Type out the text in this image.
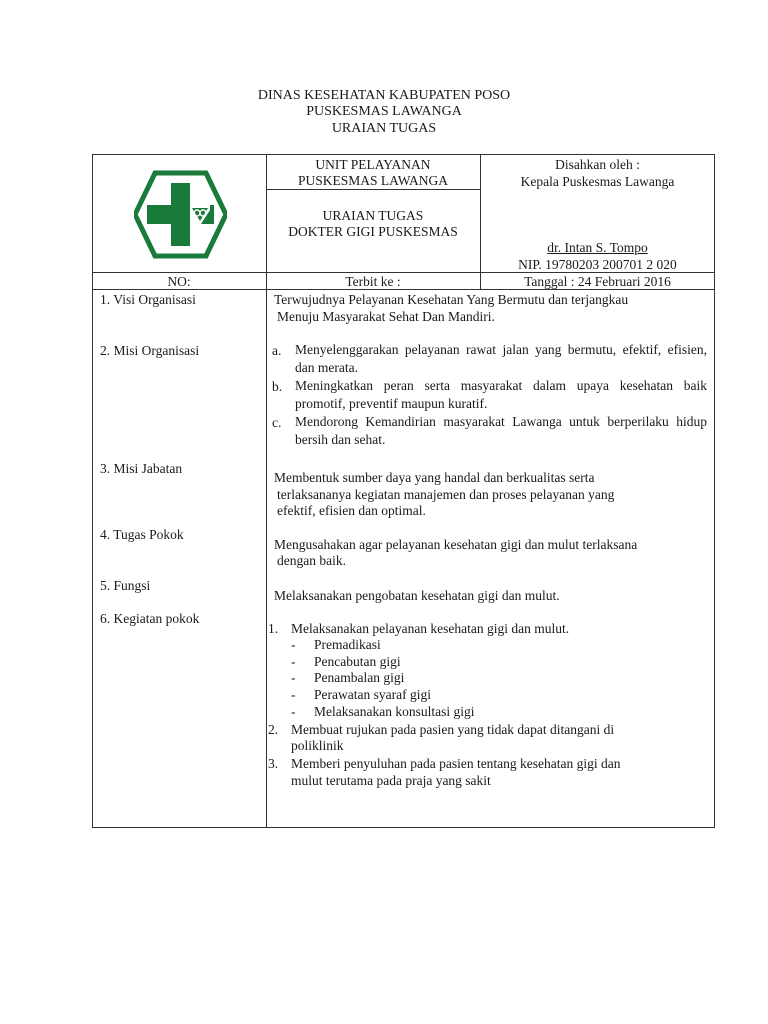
DINAS KESEHATAN KABUPATEN POSO
PUSKESMAS LAWANGA
URAIAN TUGAS
UNIT PELAYANAN
PUSKESMAS LAWANGA
URAIAN TUGAS
DOKTER GIGI PUSKESMAS
Disahkan oleh :
Kepala Puskesmas Lawanga
dr. Intan S. Tompo
NIP. 19780203 200701 2 020
NO:	Terbit ke :	Tanggal : 24 Februari 2016
1. Visi Organisasi
2. Misi Organisasi
3. Misi Jabatan
4. Tugas Pokok
5. Fungsi
6. Kegiatan pokok
Terwujudnya Pelayanan Kesehatan Yang Bermutu dan terjangkau
Menuju Masyarakat Sehat Dan Mandiri.
a. Menyelenggarakan pelayanan rawat jalan yang bermutu, efektif, efisien, dan merata.
b. Meningkatkan peran serta masyarakat dalam upaya kesehatan baik promotif, preventif maupun kuratif.
c. Mendorong Kemandirian masyarakat Lawanga untuk berperilaku hidup bersih dan sehat.
Membentuk sumber daya yang handal dan berkualitas serta
terlaksananya kegiatan manajemen dan proses pelayanan yang
efektif, efisien dan optimal.
Mengusahakan agar pelayanan kesehatan gigi dan mulut terlaksana
dengan baik.
Melaksanakan pengobatan kesehatan gigi dan mulut.
1. Melaksanakan pelayanan kesehatan gigi dan mulut.
- Premadikasi
- Pencabutan gigi
- Penambalan gigi
- Perawatan syaraf gigi
- Melaksanakan konsultasi gigi
2. Membuat rujukan pada pasien yang tidak dapat ditangani di
poliklinik
3. Memberi penyuluhan pada pasien tentang kesehatan gigi dan
mulut terutama pada praja yang sakit
